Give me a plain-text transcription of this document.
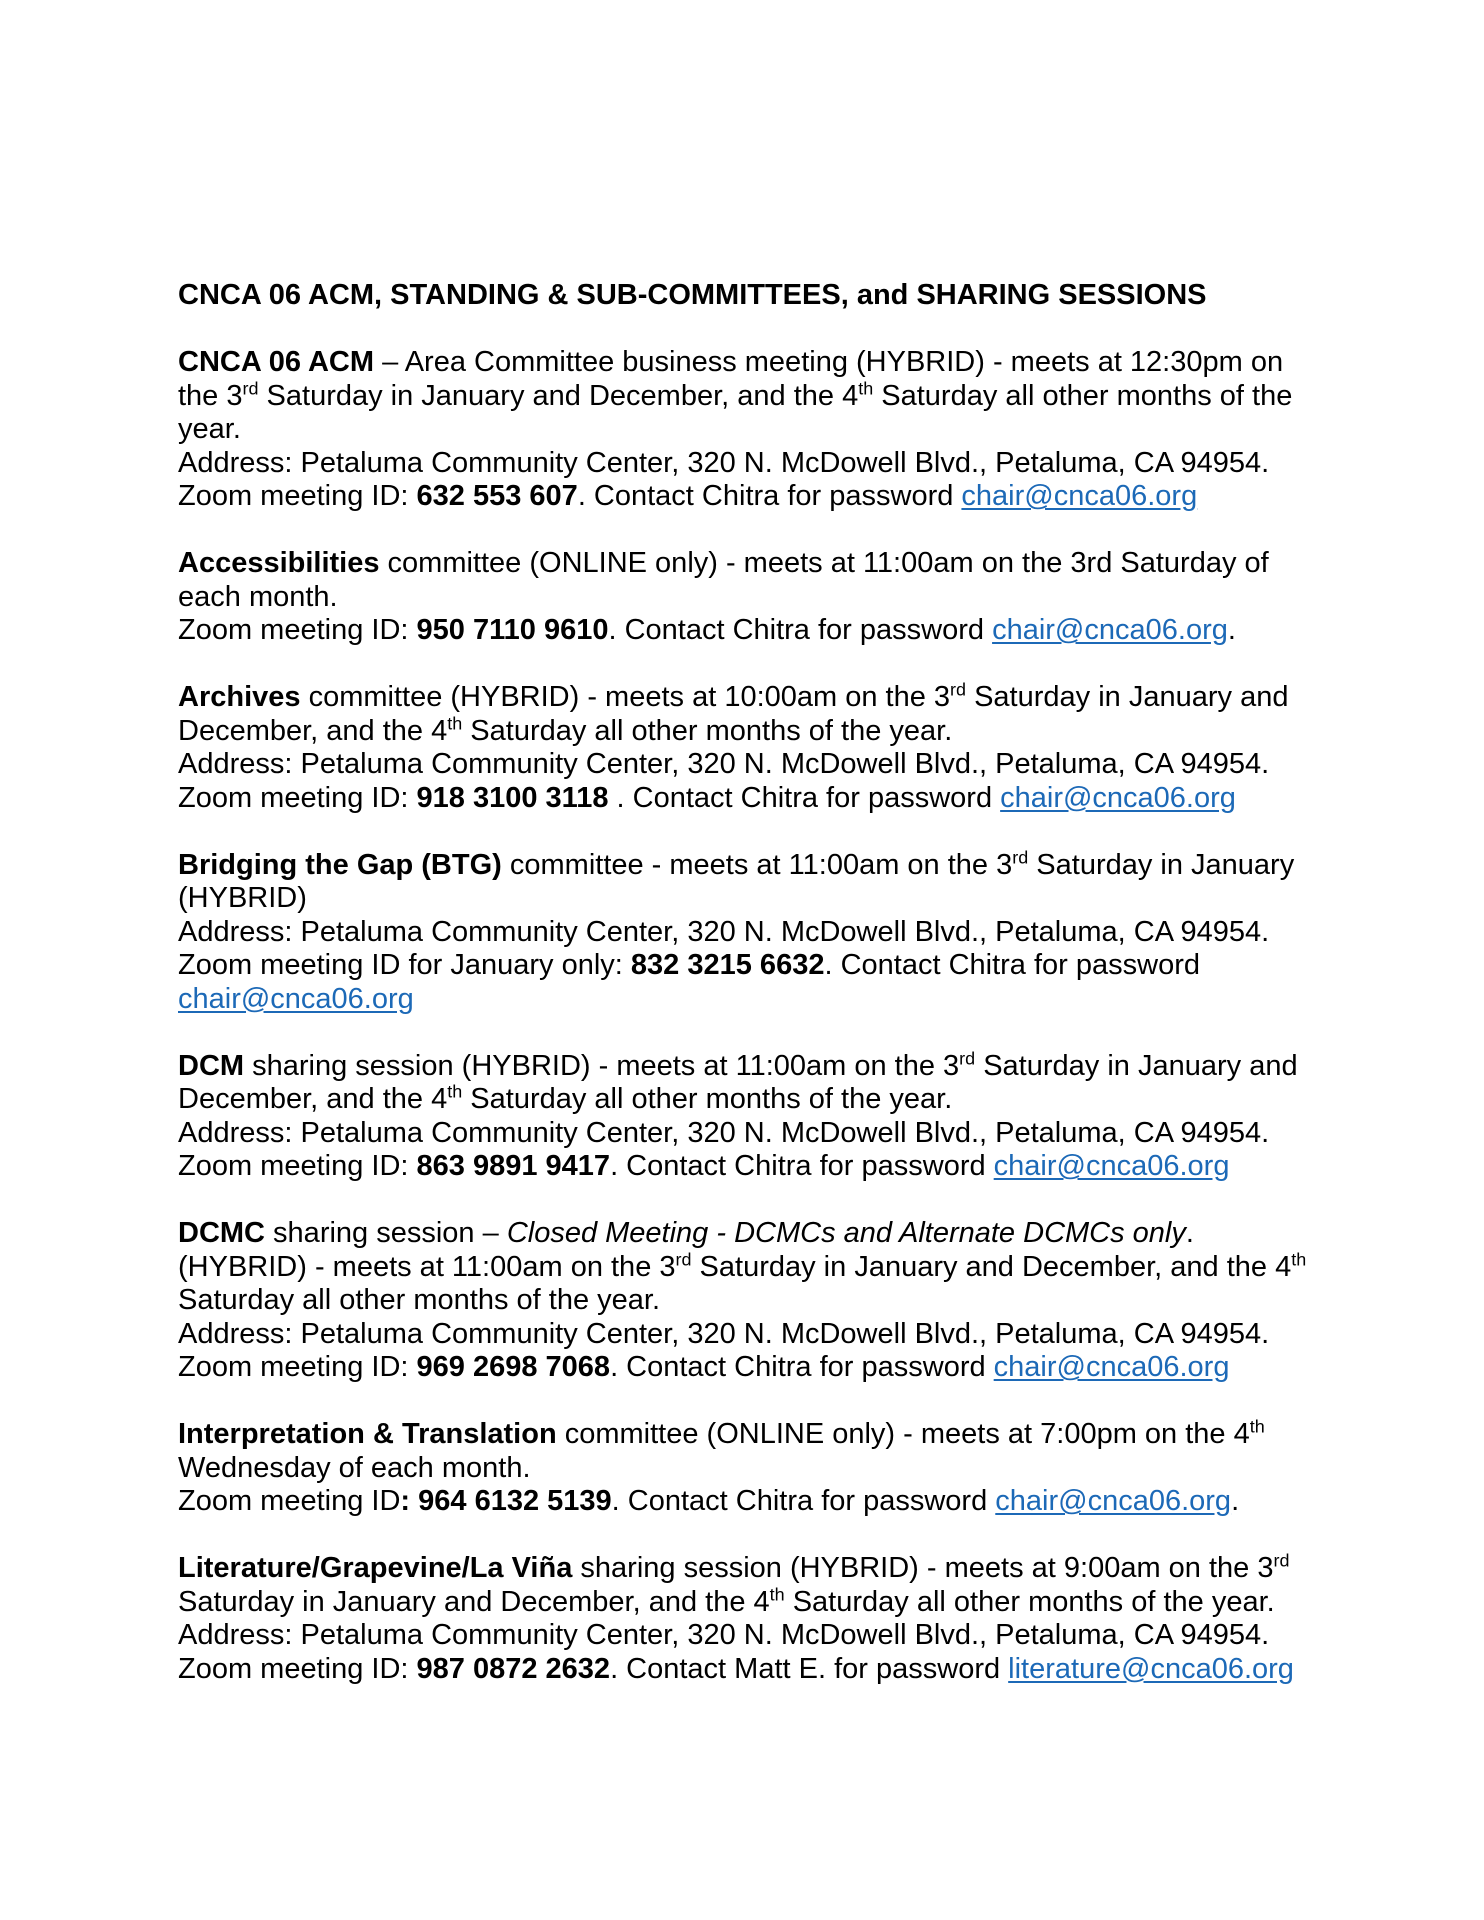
CNCA 06 ACM, STANDING & SUB-COMMITTEES, and SHARING SESSIONS

CNCA 06 ACM – Area Committee business meeting (HYBRID) - meets at 12:30pm on the 3rd Saturday in January and December, and the 4th Saturday all other months of the year.
Address: Petaluma Community Center, 320 N. McDowell Blvd., Petaluma, CA 94954.
Zoom meeting ID: 632 553 607. Contact Chitra for password chair@cnca06.org

Accessibilities committee (ONLINE only) - meets at 11:00am on the 3rd Saturday of each month.
Zoom meeting ID: 950 7110 9610. Contact Chitra for password chair@cnca06.org.

Archives committee (HYBRID) - meets at 10:00am on the 3rd Saturday in January and December, and the 4th Saturday all other months of the year.
Address: Petaluma Community Center, 320 N. McDowell Blvd., Petaluma, CA 94954.
Zoom meeting ID: 918 3100 3118 . Contact Chitra for password chair@cnca06.org

Bridging the Gap (BTG) committee - meets at 11:00am on the 3rd Saturday in January (HYBRID)
Address: Petaluma Community Center, 320 N. McDowell Blvd., Petaluma, CA 94954.
Zoom meeting ID for January only: 832 3215 6632. Contact Chitra for password chair@cnca06.org

DCM sharing session (HYBRID) - meets at 11:00am on the 3rd Saturday in January and December, and the 4th Saturday all other months of the year.
Address: Petaluma Community Center, 320 N. McDowell Blvd., Petaluma, CA 94954.
Zoom meeting ID: 863 9891 9417. Contact Chitra for password chair@cnca06.org

DCMC sharing session – Closed Meeting - DCMCs and Alternate DCMCs only. (HYBRID) - meets at 11:00am on the 3rd Saturday in January and December, and the 4th Saturday all other months of the year.
Address: Petaluma Community Center, 320 N. McDowell Blvd., Petaluma, CA 94954.
Zoom meeting ID: 969 2698 7068. Contact Chitra for password chair@cnca06.org

Interpretation & Translation committee (ONLINE only) - meets at 7:00pm on the 4th Wednesday of each month.
Zoom meeting ID: 964 6132 5139. Contact Chitra for password chair@cnca06.org.

Literature/Grapevine/La Viña sharing session (HYBRID) - meets at 9:00am on the 3rd Saturday in January and December, and the 4th Saturday all other months of the year.
Address: Petaluma Community Center, 320 N. McDowell Blvd., Petaluma, CA 94954.
Zoom meeting ID: 987 0872 2632. Contact Matt E. for password literature@cnca06.org
